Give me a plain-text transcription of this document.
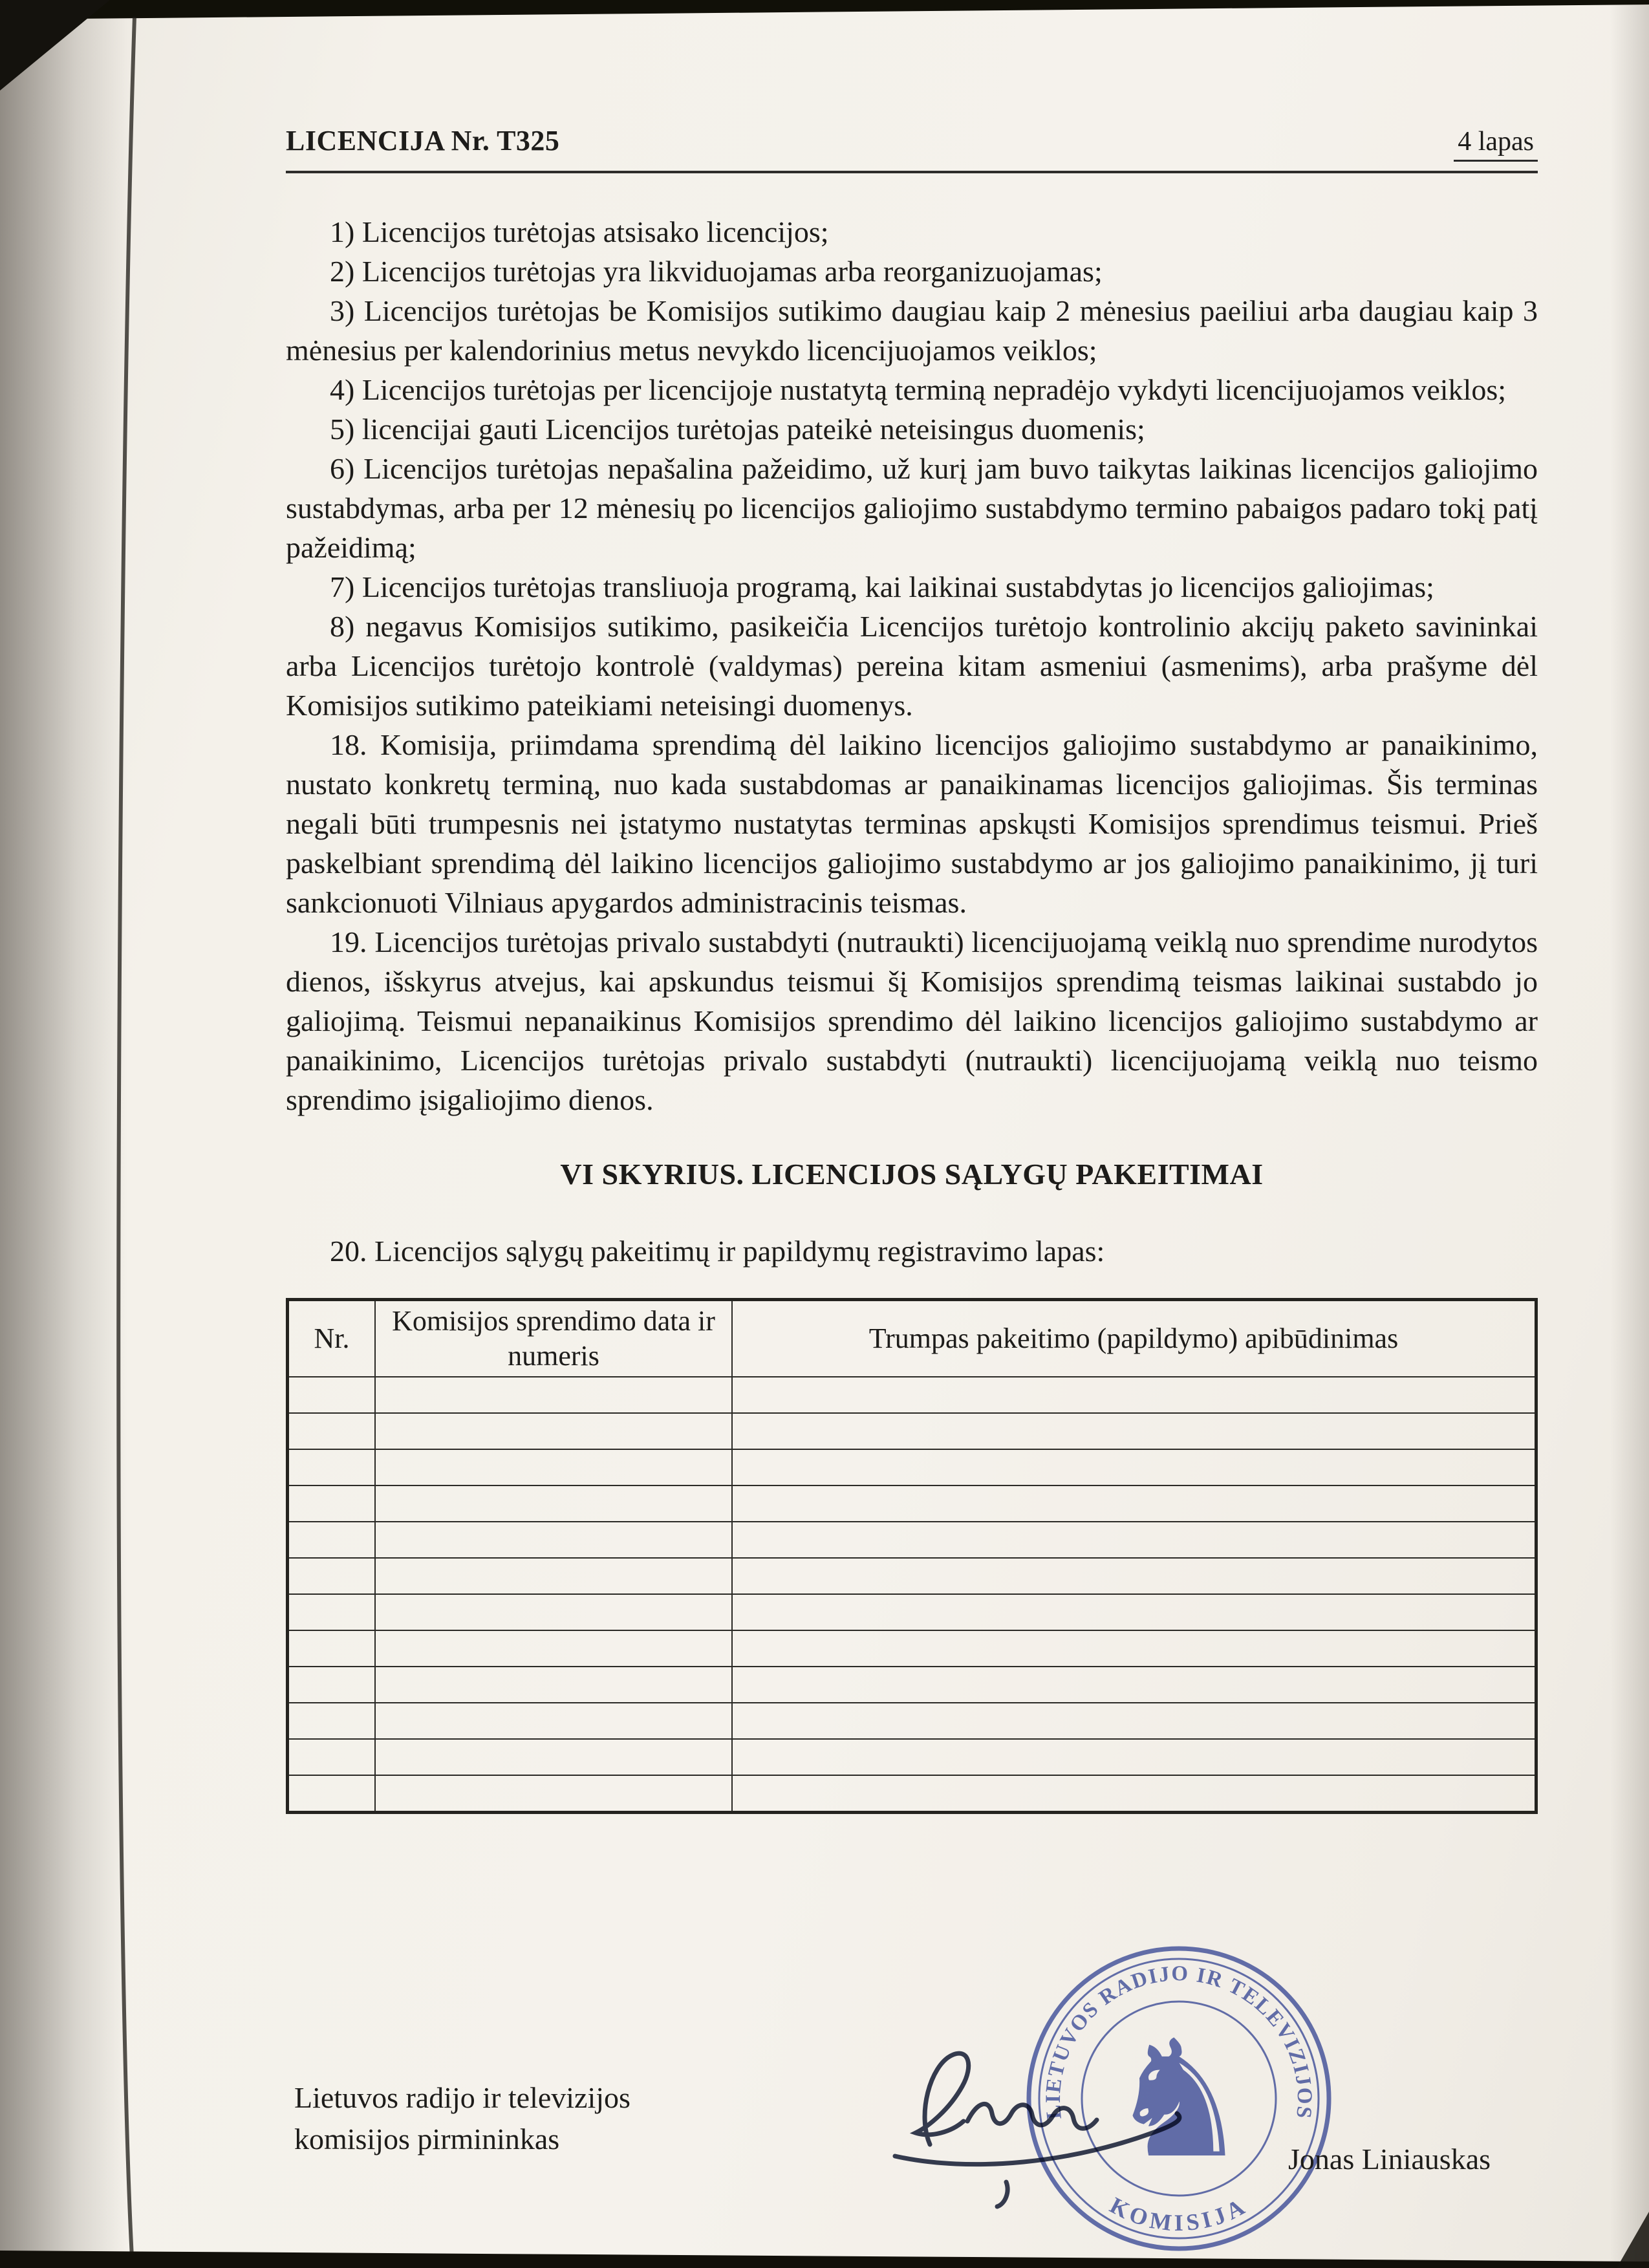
LICENCIJA Nr. T325	4 lapas

1) Licencijos turėtojas atsisako licencijos;

2) Licencijos turėtojas yra likviduojamas arba reorganizuojamas;

3) Licencijos turėtojas be Komisijos sutikimo daugiau kaip 2 mėnesius paeiliui arba daugiau kaip 3 mėnesius per kalendorinius metus nevykdo licencijuojamos veiklos;

4) Licencijos turėtojas per licencijoje nustatytą terminą nepradėjo vykdyti licencijuojamos veiklos;

5) licencijai gauti Licencijos turėtojas pateikė neteisingus duomenis;

6) Licencijos turėtojas nepašalina pažeidimo, už kurį jam buvo taikytas laikinas licencijos galiojimo sustabdymas, arba per 12 mėnesių po licencijos galiojimo sustabdymo termino pabaigos padaro tokį patį pažeidimą;

7) Licencijos turėtojas transliuoja programą, kai laikinai sustabdytas jo licencijos galiojimas;

8) negavus Komisijos sutikimo, pasikeičia Licencijos turėtojo kontrolinio akcijų paketo savininkai arba Licencijos turėtojo kontrolė (valdymas) pereina kitam asmeniui (asmenims), arba prašyme dėl Komisijos sutikimo pateikiami neteisingi duomenys.

18. Komisija, priimdama sprendimą dėl laikino licencijos galiojimo sustabdymo ar panaikinimo, nustato konkretų terminą, nuo kada sustabdomas ar panaikinamas licencijos galiojimas. Šis terminas negali būti trumpesnis nei įstatymo nustatytas terminas apskųsti Komisijos sprendimus teismui. Prieš paskelbiant sprendimą dėl laikino licencijos galiojimo sustabdymo ar jos galiojimo panaikinimo, jį turi sankcionuoti Vilniaus apygardos administracinis teismas.

19. Licencijos turėtojas privalo sustabdyti (nutraukti) licencijuojamą veiklą nuo sprendime nurodytos dienos, išskyrus atvejus, kai apskundus teismui šį Komisijos sprendimą teismas laikinai sustabdo jo galiojimą. Teismui nepanaikinus Komisijos sprendimo dėl laikino licencijos galiojimo sustabdymo ar panaikinimo, Licencijos turėtojas privalo sustabdyti (nutraukti) licencijuojamą veiklą nuo teismo sprendimo įsigaliojimo dienos.

VI SKYRIUS. LICENCIJOS SĄLYGŲ PAKEITIMAI

20. Licencijos sąlygų pakeitimų ir papildymų registravimo lapas:

Nr.	Komisijos sprendimo data ir numeris	Trumpas pakeitimo (papildymo) apibūdinimas

Lietuvos radijo ir televizijos
komisijos pirmininkas
LIETUVOS RADIJO IR TELEVIZIJOS
KOMISIJA
♞ Jonas Liniauskas
